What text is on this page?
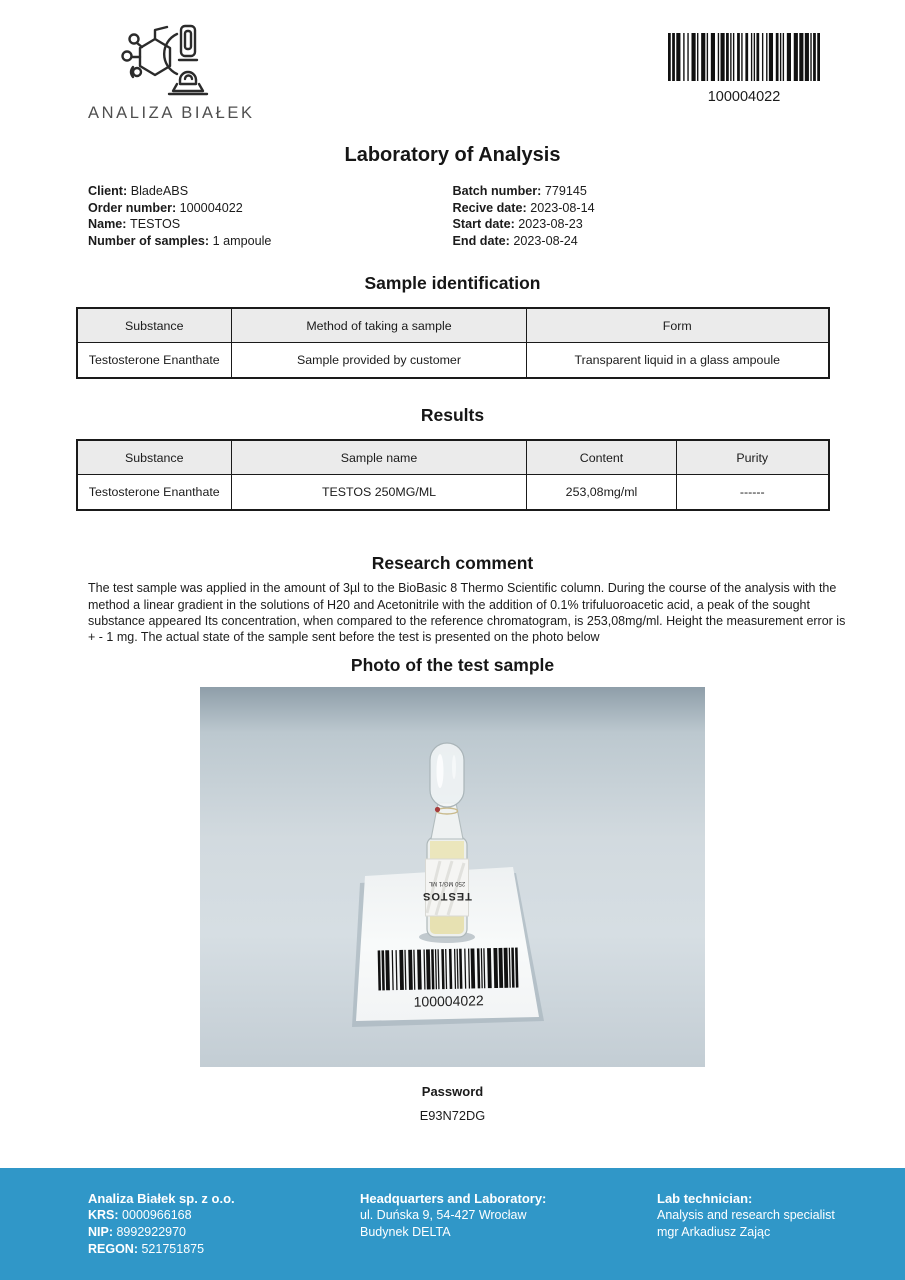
ANALIZA BIAŁEK
100004022
Laboratory of Analysis
Client: BladeABS
Order number: 100004022
Name: TESTOS
Number of samples: 1 ampoule
Batch number: 779145
Recive date: 2023-08-14
Start date: 2023-08-23
End date: 2023-08-24
Sample identification
Substance	Method of taking a sample	Form
Testosterone Enanthate	Sample provided by customer	Transparent liquid in a glass ampoule
Results
Substance	Sample name	Content	Purity
Testosterone Enanthate	TESTOS 250MG/ML	253,08mg/ml	------
Research comment

The test sample was applied in the amount of 3µl to the BioBasic 8 Thermo Scientific column. During the course of the analysis with the method a linear gradient in the solutions of H20 and Acetonitrile with the addition of 0.1% trifuluoroacetic acid, a peak of the sought substance appeared Its concentration, when compared to the reference chromatogram, is 253,08mg/ml. Height the measurement error is + - 1 mg. The actual state of the sample sent before the test is presented on the photo below

Photo of the test sample
100004022
TESTOS
250 MG/1 ML
Password
E93N72DG
Analiza Białek sp. z o.o.
KRS: 0000966168
NIP: 8992922970
REGON: 521751875
Headquarters and Laboratory:
ul. Duńska 9, 54-427 Wrocław
Budynek DELTA
Lab technician:
Analysis and research specialist
mgr Arkadiusz Zając
